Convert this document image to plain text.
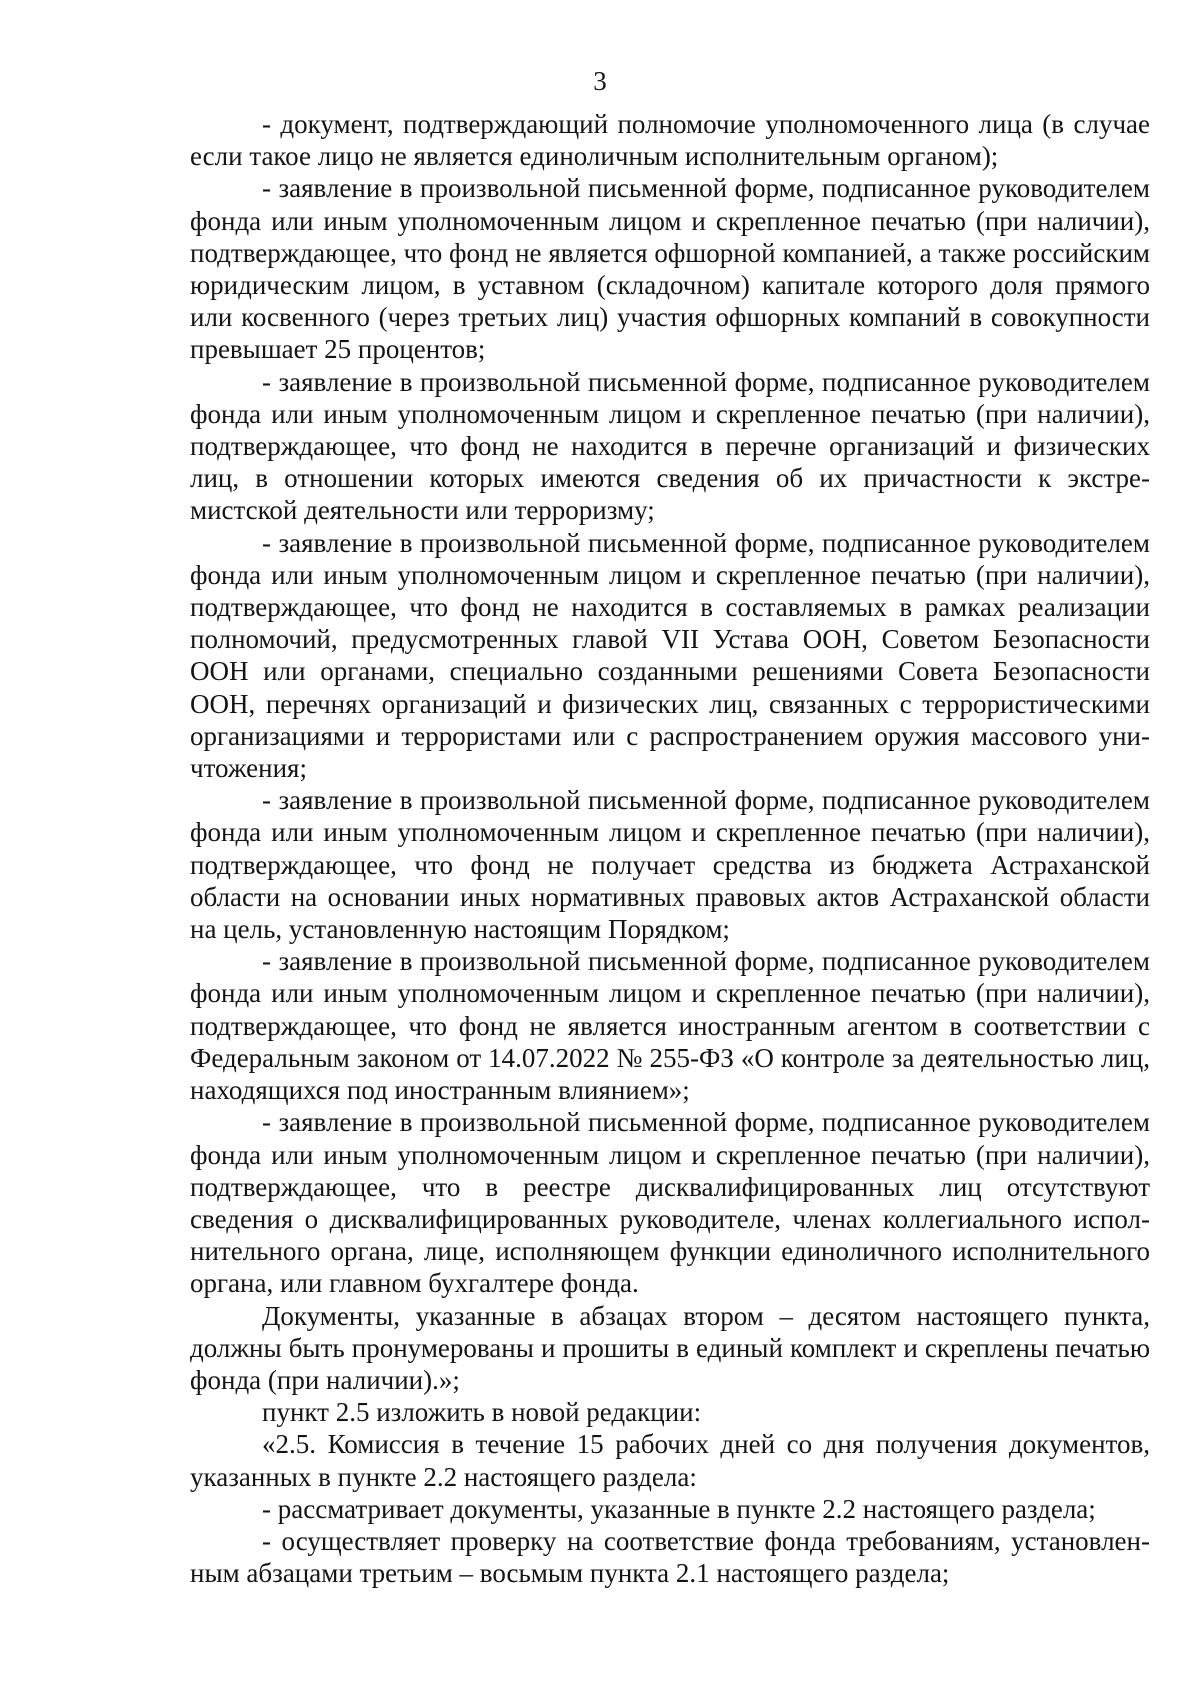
3

- документ, подтверждающий полномочие уполномоченного лица (в случае если такое лицо не является единоличным исполнительным органом);

- заявление в произвольной письменной форме, подписанное руководителем фонда или иным уполномоченным лицом и скрепленное печатью (при наличии), подтверждающее, что фонд не является офшорной компанией, а также российским юридическим лицом, в уставном (складочном) капитале которого доля прямого или косвенного (через третьих лиц) участия офшорных компаний в совокупности превышает 25 процентов;

- заявление в произвольной письменной форме, подписанное руководителем фонда или иным уполномоченным лицом и скрепленное печатью (при наличии), подтверждающее, что фонд не находится в перечне организаций и физических лиц, в отношении которых имеются сведения об их причастности к экстремистской деятельности или терроризму;

- заявление в произвольной письменной форме, подписанное руководителем фонда или иным уполномоченным лицом и скрепленное печатью (при наличии), подтверждающее, что фонд не находится в составляемых в рамках реализации полномочий, предусмотренных главой VII Устава ООН, Советом Безопасности ООН или органами, специально созданными решениями Совета Безопасности ООН, перечнях организаций и физических лиц, связанных с террористическими организациями и террористами или с распространением оружия массового уничтожения;

- заявление в произвольной письменной форме, подписанное руководителем фонда или иным уполномоченным лицом и скрепленное печатью (при наличии), подтверждающее, что фонд не получает средства из бюджета Астраханской области на основании иных нормативных правовых актов Астраханской области на цель, установленную настоящим Порядком;

- заявление в произвольной письменной форме, подписанное руководителем фонда или иным уполномоченным лицом и скрепленное печатью (при наличии), подтверждающее, что фонд не является иностранным агентом в соответствии с Федеральным законом от 14.07.2022 № 255-ФЗ «О контроле за деятельностью лиц, находящихся под иностранным влиянием»;

- заявление в произвольной письменной форме, подписанное руководителем фонда или иным уполномоченным лицом и скрепленное печатью (при наличии), подтверждающее, что в реестре дисквалифицированных лиц отсутствуют сведения о дисквалифицированных руководителе, членах коллегиального исполнительного органа, лице, исполняющем функции единоличного исполнительного органа, или главном бухгалтере фонда.

Документы, указанные в абзацах втором – десятом настоящего пункта, должны быть пронумерованы и прошиты в единый комплект и скреплены печатью фонда (при наличии).»;

пункт 2.5 изложить в новой редакции:

«2.5. Комиссия в течение 15 рабочих дней со дня получения документов, указанных в пункте 2.2 настоящего раздела:

- рассматривает документы, указанные в пункте 2.2 настоящего раздела;

- осуществляет проверку на соответствие фонда требованиям, установленным абзацами третьим – восьмым пункта 2.1 настоящего раздела;
